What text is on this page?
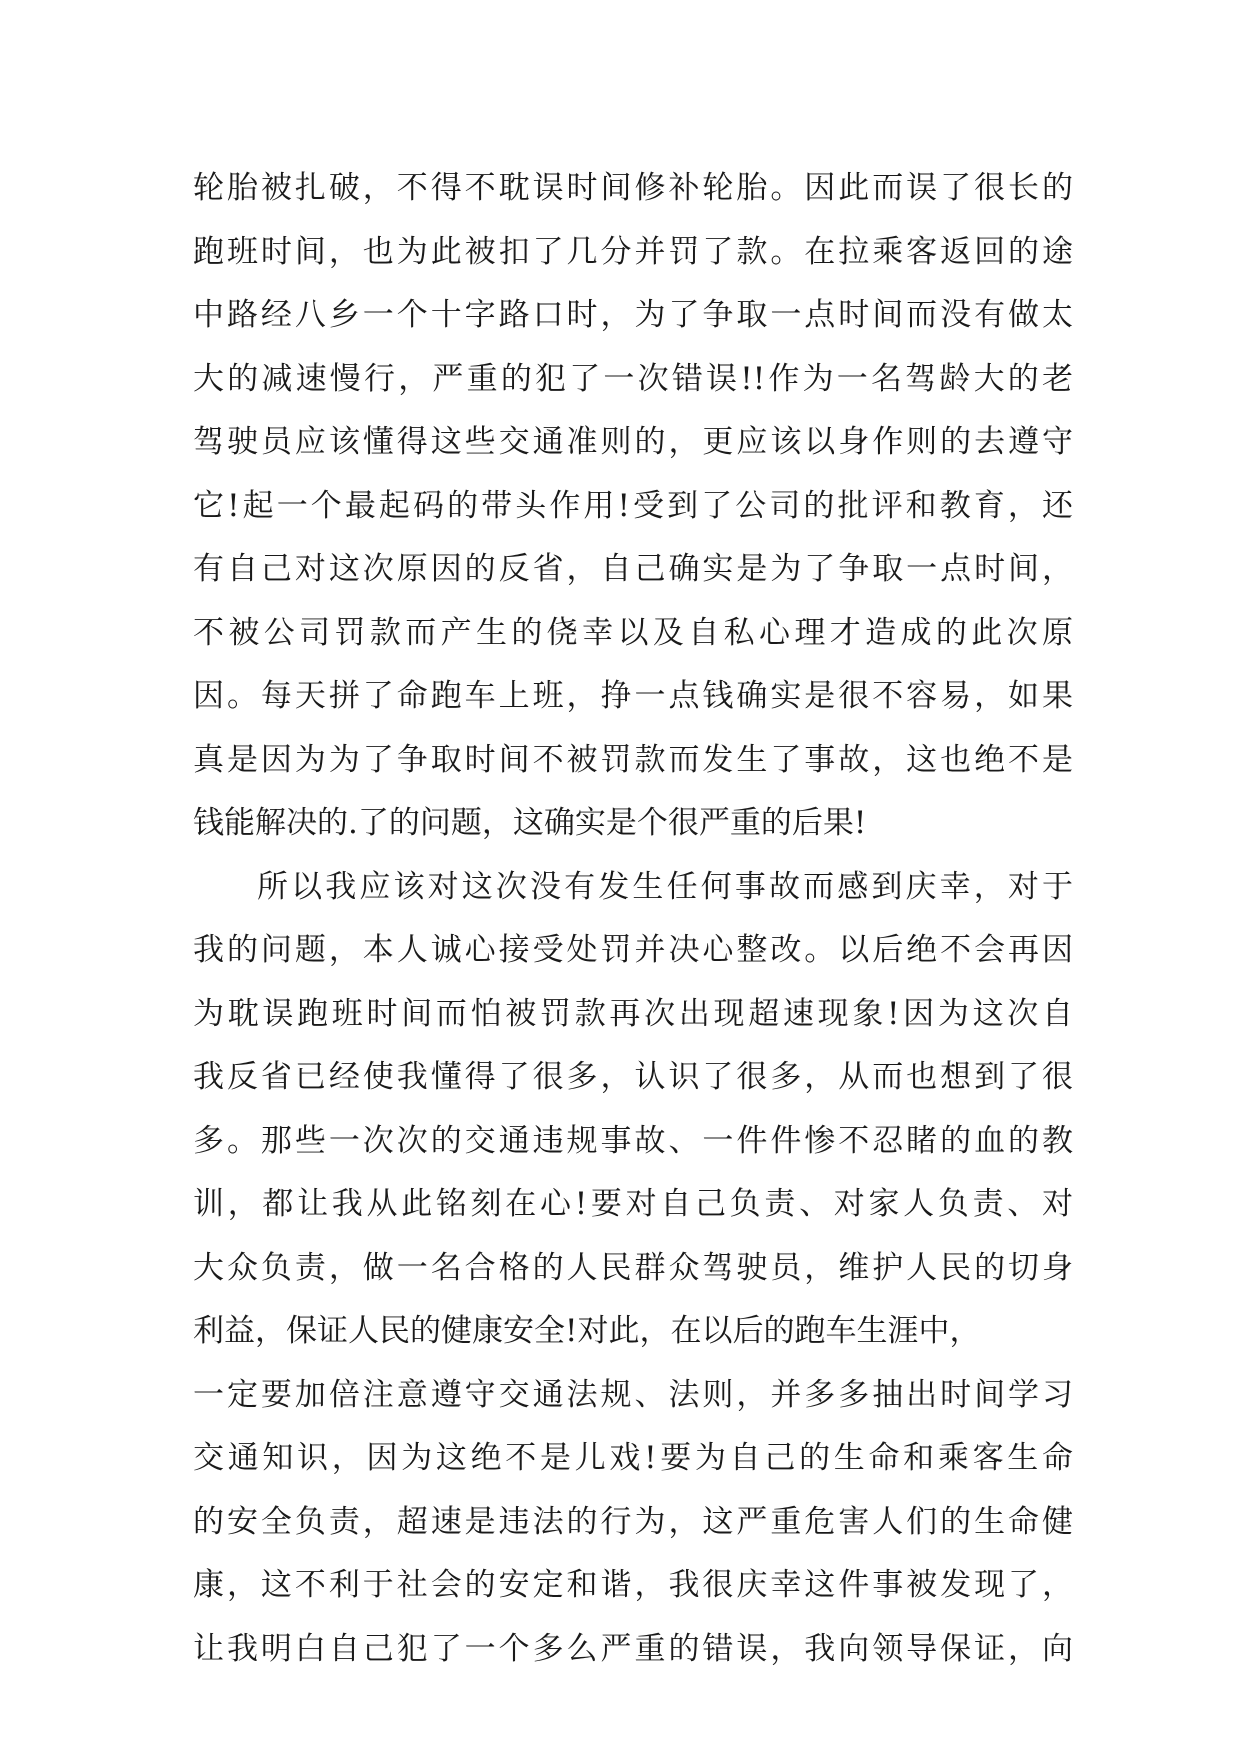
轮胎被扎破，不得不耽误时间修补轮胎。因此而误了很长的
跑班时间，也为此被扣了几分并罚了款。在拉乘客返回的途
中路经八乡一个十字路口时，为了争取一点时间而没有做太
大的减速慢行，严重的犯了一次错误!!作为一名驾龄大的老
驾驶员应该懂得这些交通准则的，更应该以身作则的去遵守
它!起一个最起码的带头作用!受到了公司的批评和教育，还
有自己对这次原因的反省，自己确实是为了争取一点时间，
不被公司罚款而产生的侥幸以及自私心理才造成的此次原
因。每天拼了命跑车上班，挣一点钱确实是很不容易，如果
真是因为为了争取时间不被罚款而发生了事故，这也绝不是
钱能解决的.了的问题，这确实是个很严重的后果!
所以我应该对这次没有发生任何事故而感到庆幸，对于
我的问题，本人诚心接受处罚并决心整改。以后绝不会再因
为耽误跑班时间而怕被罚款再次出现超速现象!因为这次自
我反省已经使我懂得了很多，认识了很多，从而也想到了很
多。那些一次次的交通违规事故、一件件惨不忍睹的血的教
训，都让我从此铭刻在心!要对自己负责、对家人负责、对
大众负责，做一名合格的人民群众驾驶员，维护人民的切身
利益，保证人民的健康安全!对此，在以后的跑车生涯中，
一定要加倍注意遵守交通法规、法则，并多多抽出时间学习
交通知识，因为这绝不是儿戏!要为自己的生命和乘客生命
的安全负责，超速是违法的行为，这严重危害人们的生命健
康，这不利于社会的安定和谐，我很庆幸这件事被发现了，
让我明白自己犯了一个多么严重的错误，我向领导保证，向
